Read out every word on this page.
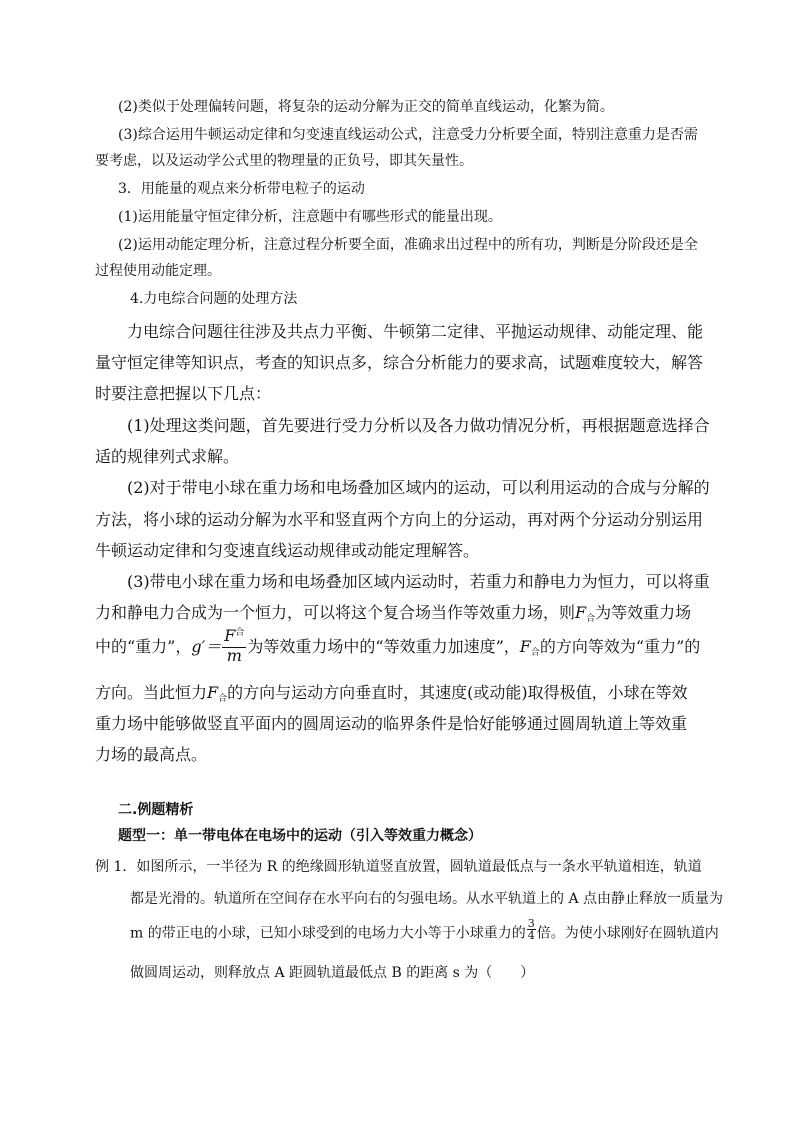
(2)类似于处理偏转问题，将复杂的运动分解为正交的简单直线运动，化繁为简。
(3)综合运用牛顿运动定律和匀变速直线运动公式，注意受力分析要全面，特别注意重力是否需
要考虑，以及运动学公式里的物理量的正负号，即其矢量性。
3．用能量的观点来分析带电粒子的运动
(1)运用能量守恒定律分析，注意题中有哪些形式的能量出现。
(2)运用动能定理分析，注意过程分析要全面，准确求出过程中的所有功，判断是分阶段还是全
过程使用动能定理。
4.力电综合问题的处理方法
力电综合问题往往涉及共点力平衡、牛顿第二定律、平抛运动规律、动能定理、能
量守恒定律等知识点，考查的知识点多，综合分析能力的要求高，试题难度较大，解答
时要注意把握以下几点：
(1)处理这类问题，首先要进行受力分析以及各力做功情况分析，再根据题意选择合
适的规律列式求解。
(2)对于带电小球在重力场和电场叠加区域内的运动，可以利用运动的合成与分解的
方法，将小球的运动分解为水平和竖直两个方向上的分运动，再对两个分运动分别运用
牛顿运动定律和匀变速直线运动规律或动能定理解答。
(3)带电小球在重力场和电场叠加区域内运动时，若重力和静电力为恒力，可以将重
力和静电力合成为一个恒力，可以将这个复合场当作等效重力场，则F合为等效重力场
中的“重力”，$g'= \frac{F^合}{m}$ 为等效重力场中的“等效重力加速度”，F合的方向等效为“重力”的
方向。当此恒力F合的方向与运动方向垂直时，其速度(或动能)取得极值，小球在等效
重力场中能够做竖直平面内的圆周运动的临界条件是恰好能够通过圆周轨道上等效重
力场的最高点。
二.例题精析
题型一：单一带电体在电场中的运动（引入等效重力概念）
例 1．如图所示，一半径为 R 的绝缘圆形轨道竖直放置，圆轨道最低点与一条水平轨道相连，轨道
都是光滑的。轨道所在空间存在水平向右的匀强电场。从水平轨道上的 A 点由静止释放一质量为
m 的带正电的小球，已知小球受到的电场力大小等于小球重力的 $\frac{3}{4}$ 倍。为使小球刚好在圆轨道内
做圆周运动，则释放点 A 距圆轨道最低点 B 的距离 s 为（　　）
